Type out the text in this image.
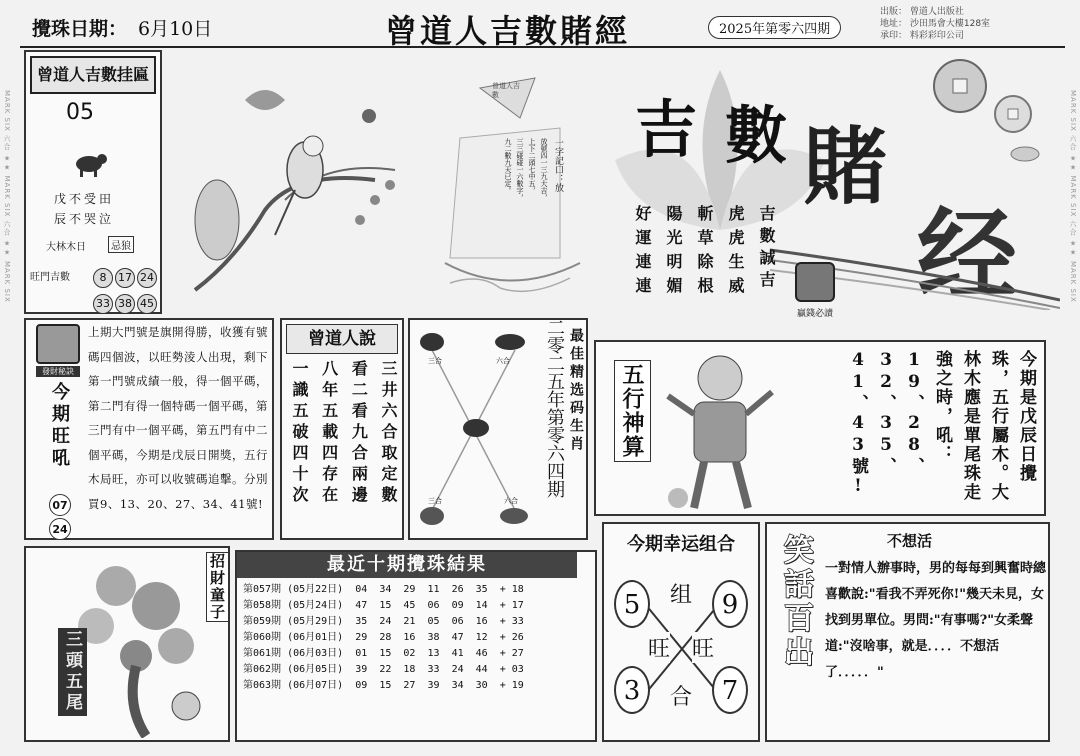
MARK SIX 六合 ★★ MARK SIX 六合 ★★ MARK SIX	MARK SIX 六合 ★★ MARK SIX 六合 ★★ MARK SIX
攪珠日期： 6月10日	曾道人吉數賭經	2025年第零六四期
出版： 曾道人出版社
地址： 沙田馬會大樓128室
承印： 料彩彩印公司
曾道人吉數挂匾
05
戊不受田
辰不哭泣
大林木日	忌狼
旺門吉數	8 17 24
33 38 45
曾道人吉數
一字記口：放
放號四一三九大吉，
上下二頭七中五，
三三碰碰一六數字，
九二數九天已定。 吉 數 賭
经
贏錢必讀
吉數誠吉
虎虎生威
斬草除根
陽光明媚
好運連連
發財秘訣
今期旺吼
07
24
上期大門號是旗開得勝，收獲有號碼四個波，以旺勢淩人出現，剩下第一門號成績一般，得一個平碼，第二門有得一個特碼一個平碼，第三門有中一個平碼，第五門有中二個平碼，今期是戊辰日開獎，五行木局旺，亦可以收號碼追擊。分別買9、13、20、27、34、41號!
曾道人說
三井六合取定數
看二看九合兩邊
八年五載四存在
一識五破四十次	三合	六合
三合	六合
最佳精选码生肖
二零二五年第零六四期 五行神算	今期是戊辰日攪珠，五行屬木。大林木應是單尾珠走強之時，吼：19、28、32、35、41、43號!
招財童子
三頭五尾
最近十期攪珠結果
第057期 (05月22日)  04  34  29  11  26  35  + 18
第058期 (05月24日)  47  15  45  06  09  14  + 17
第059期 (05月29日)  35  24  21  05  06  16  + 33
第060期 (06月01日)  29  28  16  38  47  12  + 26
第061期 (06月03日)  01  15  02  13  41  46  + 27
第062期 (06月05日)  39  22  18  33  24  44  + 03
第063期 (06月07日)  09  15  27  39  34  30  + 19
今期幸运组合
5	9
3	7
组
旺 旺
合
笑話百出	不想活
一對情人辦事時，男的每每到興奮時總喜歡說:"看我不弄死你!"幾天未見，女找到男單位。男問:"有事嗎?"女柔聲道:"沒啥事，就是．．．．不想活了．．．．．"
